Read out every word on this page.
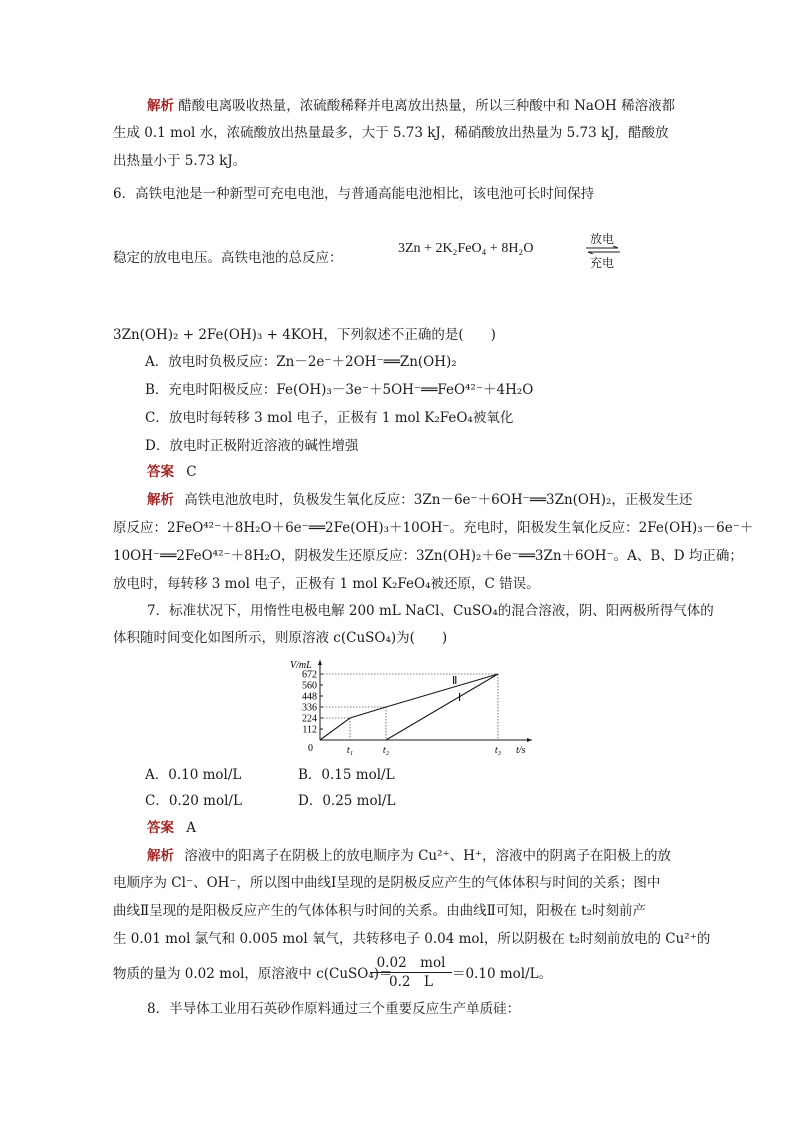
解析 醋酸电离吸收热量，浓硫酸稀释并电离放出热量，所以三种酸中和 NaOH 稀溶液都
生成 0.1 mol 水，浓硫酸放出热量最多，大于 5.73 kJ，稀硝酸放出热量为 5.73 kJ，醋酸放
出热量小于 5.73 kJ。
6．高铁电池是一种新型可充电电池，与普通高能电池相比，该电池可长时间保持
稳定的放电电压。高铁电池的总反应：
3Zn + 2K₂FeO₄ + 8H₂O
放电
充电
3Zn(OH)₂ + 2Fe(OH)₃ + 4KOH，下列叙述不正确的是(　　)
A．放电时负极反应：Zn－2e⁻＋2OH⁻══Zn(OH)₂
B．充电时阳极反应：Fe(OH)₃－3e⁻＋5OH⁻══FeO⁴²⁻＋4H₂O
C．放电时每转移 3 mol 电子，正极有 1 mol K₂FeO₄被氧化
D．放电时正极附近溶液的碱性增强
答案 C
解析 高铁电池放电时，负极发生氧化反应：3Zn－6e⁻＋6OH⁻══3Zn(OH)₂，正极发生还
原反应：2FeO⁴²⁻＋8H₂O＋6e⁻══2Fe(OH)₃＋10OH⁻。充电时，阳极发生氧化反应：2Fe(OH)₃－6e⁻＋
10OH⁻══2FeO⁴²⁻＋8H₂O，阴极发生还原反应：3Zn(OH)₂＋6e⁻══3Zn＋6OH⁻。A、B、D 均正确；
放电时，每转移 3 mol 电子，正极有 1 mol K₂FeO₄被还原，C 错误。
7．标准状况下，用惰性电极电解 200 mL NaCl、CuSO₄的混合溶液，阴、阳两极所得气体的
体积随时间变化如图所示，则原溶液 c(CuSO₄)为(　　)
V/mL
t/s
672
560
448
336
224
112
0	t₁	t₂	t₃
Ⅰ
Ⅱ
A．0.10 mol/L	B．0.15 mol/L
C．0.20 mol/L	D．0.25 mol/L
答案 A
解析 溶液中的阳离子在阴极上的放电顺序为 Cu²⁺、H⁺，溶液中的阴离子在阳极上的放
电顺序为 Cl⁻、OH⁻，所以图中曲线Ⅰ呈现的是阴极反应产生的气体体积与时间的关系；图中
曲线Ⅱ呈现的是阳极反应产生的气体体积与时间的关系。由曲线Ⅱ可知，阳极在 t₂时刻前产
生 0.01 mol 氯气和 0.005 mol 氧气，共转移电子 0.04 mol，所以阴极在 t₂时刻前放电的 Cu²⁺的
物质的量为 0.02 mol，原溶液中 c(CuSO₄)＝
0.02　mol
0.2　L	＝0.10 mol/L。
8．半导体工业用石英砂作原料通过三个重要反应生产单质硅：
